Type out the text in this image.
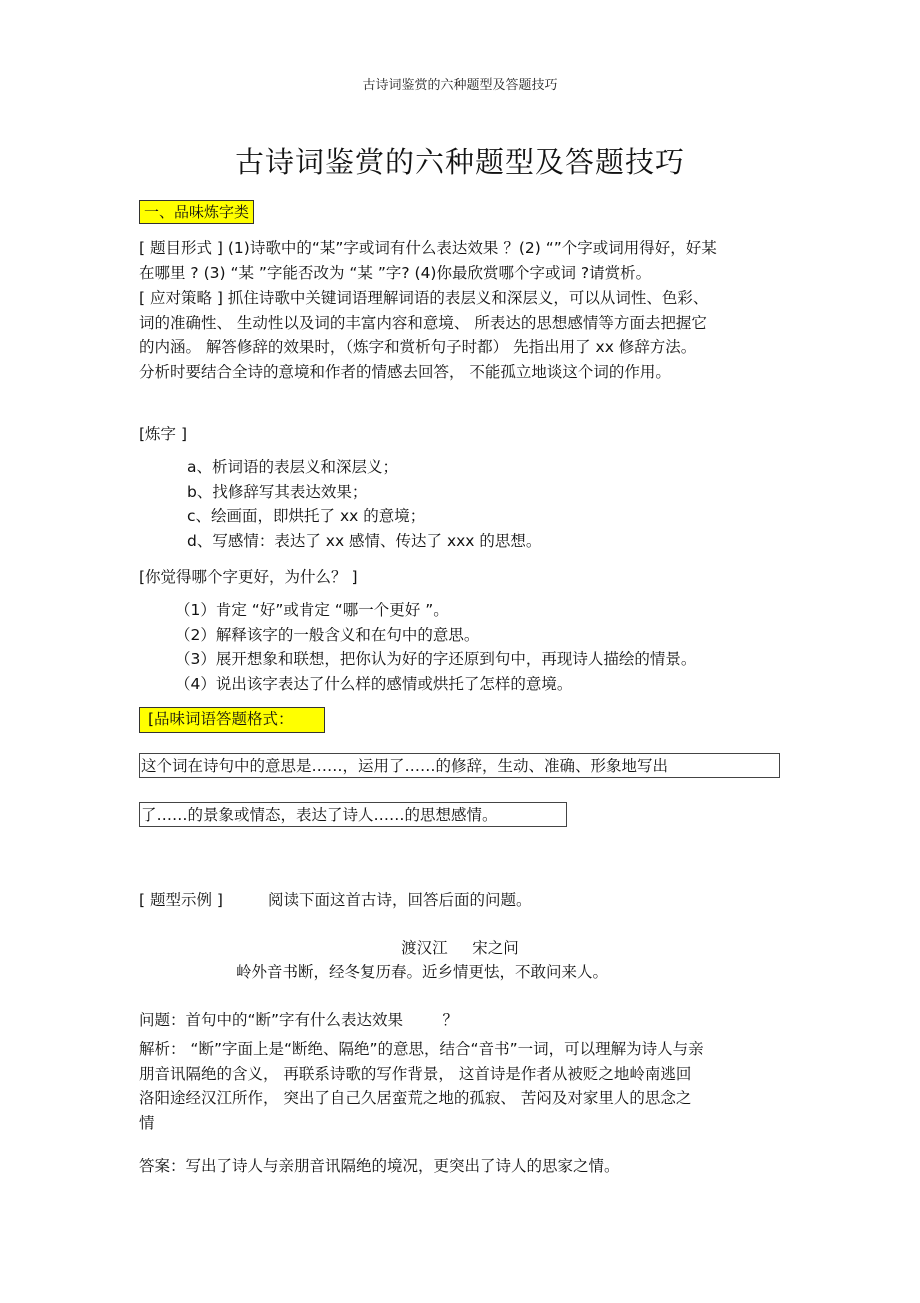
古诗词鉴赏的六种题型及答题技巧
古诗词鉴赏的六种题型及答题技巧
一、品味炼字类
[ 题目形式 ] (1)诗歌中的“某”字或词有什么表达效果 ？(2) “”个字或词用得好，好某
在哪里 ? (3) “某 ”字能否改为 “某 ”字? (4)你最欣赏哪个字或词 ?请赏析。
[ 应对策略 ] 抓住诗歌中关键词语理解词语的表层义和深层义，可以从词性、色彩、
词的准确性、 生动性以及词的丰富内容和意境、 所表达的思想感情等方面去把握它
的内涵。 解答修辞的效果时，（炼字和赏析句子时都） 先指出用了 xx 修辞方法。
分析时要结合全诗的意境和作者的情感去回答， 不能孤立地谈这个词的作用。
[炼字 ]
a、析词语的表层义和深层义；
b、找修辞写其表达效果；
c、绘画面，即烘托了 xx 的意境；
d、写感情：表达了 xx 感情、传达了 xxx 的思想。
[你觉得哪个字更好，为什么？ ]
（1）肯定 “好”或肯定 “哪一个更好 ”。
（2）解释该字的一般含义和在句中的意思。
（3）展开想象和联想，把你认为好的字还原到句中，再现诗人描绘的情景。
（4）说出该字表达了什么样的感情或烘托了怎样的意境。
[品味词语答题格式：
这个词在诗句中的意思是……，运用了……的修辞，生动、准确、形象地写出
了……的景象或情态，表达了诗人……的思想感情。
[ 题型示例 ]	阅读下面这首古诗，回答后面的问题。
渡汉江     宋之问
岭外音书断，经冬复历春。近乡情更怯，不敢问来人。
问题：首句中的“断”字有什么表达效果        ？
解析： “断”字面上是“断绝、隔绝”的意思，结合“音书”一词，可以理解为诗人与亲
朋音讯隔绝的含义， 再联系诗歌的写作背景， 这首诗是作者从被贬之地岭南逃回
洛阳途经汉江所作， 突出了自己久居蛮荒之地的孤寂、 苦闷及对家里人的思念之
情
答案：写出了诗人与亲朋音讯隔绝的境况，更突出了诗人的思家之情。
